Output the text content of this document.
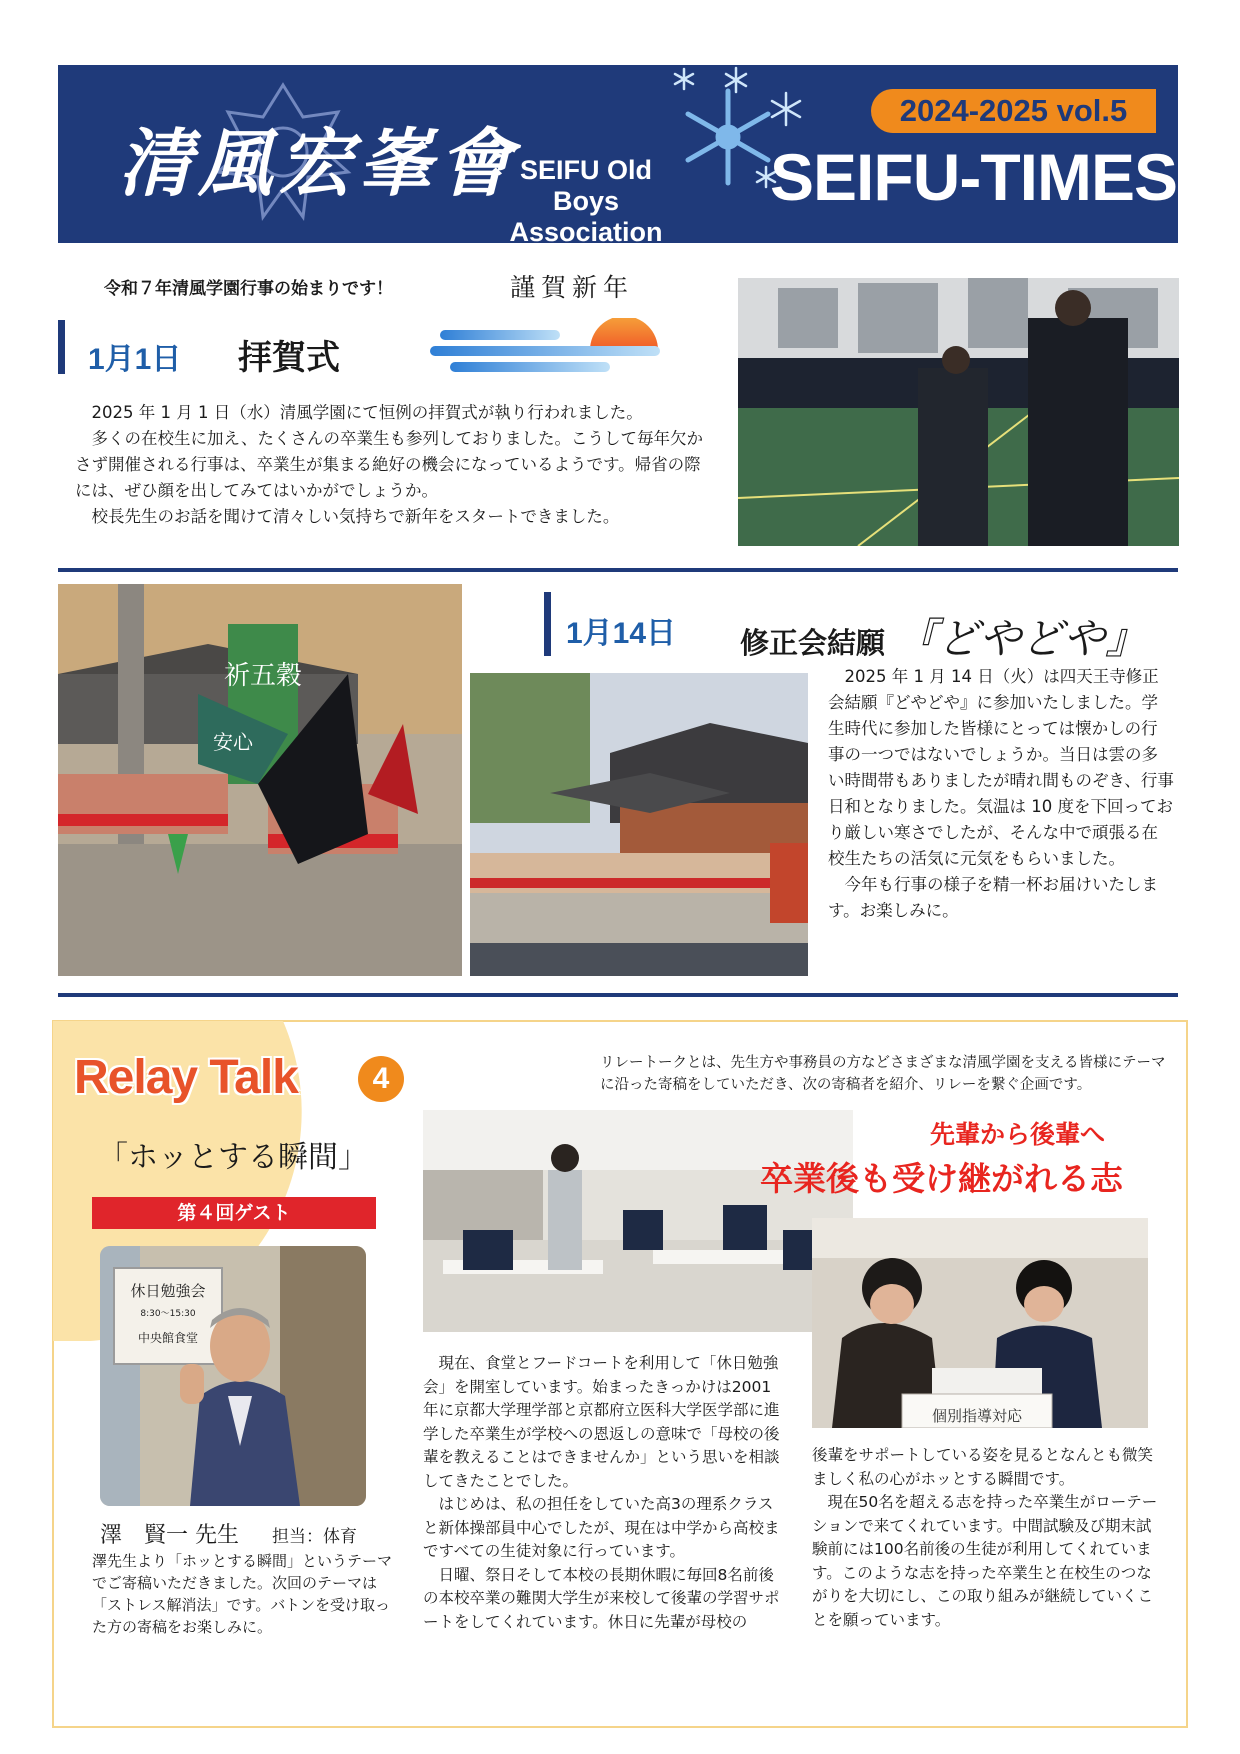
清風宏峯會 SEIFU Old Boys
Association
2024-2025 vol.5
SEIFU-TIMES
令和７年清風学園行事の始まりです！	謹賀新年
1月1日 拝賀式

2025 年 1 月 1 日（水）清風学園にて恒例の拝賀式が執り行われました。

多くの在校生に加え、たくさんの卒業生も参列しておりました。こうして毎年欠かさず開催される行事は、卒業生が集まる絶好の機会になっているようです。帰省の際には、ぜひ顔を出してみてはいかがでしょうか。

校長先生のお話を聞けて清々しい気持ちで新年をスタートできました。

祈五穀
安心
1月14日 修正会結願 『どやどや』

2025 年 1 月 14 日（火）は四天王寺修正会結願『どやどや』に参加いたしました。学生時代に参加した皆様にとっては懐かしの行事の一つではないでしょうか。当日は雲の多い時間帯もありましたが晴れ間ものぞき、行事日和となりました。気温は 10 度を下回っており厳しい寒さでしたが、そんな中で頑張る在校生たちの活気に元気をもらいました。

今年も行事の様子を精一杯お届けいたします。お楽しみに。

Relay Talk	4
「ホッとする瞬間」
第４回ゲスト
休日勉強会
8:30～15:30
中央館食堂
澤　賢一 先生 担当：体育
澤先生より「ホッとする瞬間」というテーマでご寄稿いただきました。次回のテーマは「ストレス解消法」です。バトンを受け取った方の寄稿をお楽しみに。
リレートークとは、先生方や事務員の方などさまざまな清風学園を支える皆様にテーマに沿った寄稿をしていただき、次の寄稿者を紹介、リレーを繋ぐ企画です。
先輩から後輩へ
卒業後も受け継がれる志
個別指導対応

現在、食堂とフードコートを利用して「休日勉強会」を開室しています。始まったきっかけは2001年に京都大学理学部と京都府立医科大学医学部に進学した卒業生が学校への恩返しの意味で「母校の後輩を教えることはできませんか」という思いを相談してきたことでした。

はじめは、私の担任をしていた高3の理系クラスと新体操部員中心でしたが、現在は中学から高校まですべての生徒対象に行っています。

日曜、祭日そして本校の長期休暇に毎回8名前後の本校卒業の難関大学生が来校して後輩の学習サポートをしてくれています。休日に先輩が母校の

後輩をサポートしている姿を見るとなんとも微笑ましく私の心がホッとする瞬間です。

現在50名を超える志を持った卒業生がローテーションで来てくれています。中間試験及び期末試験前には100名前後の生徒が利用してくれています。このような志を持った卒業生と在校生のつながりを大切にし、この取り組みが継続していくことを願っています。
